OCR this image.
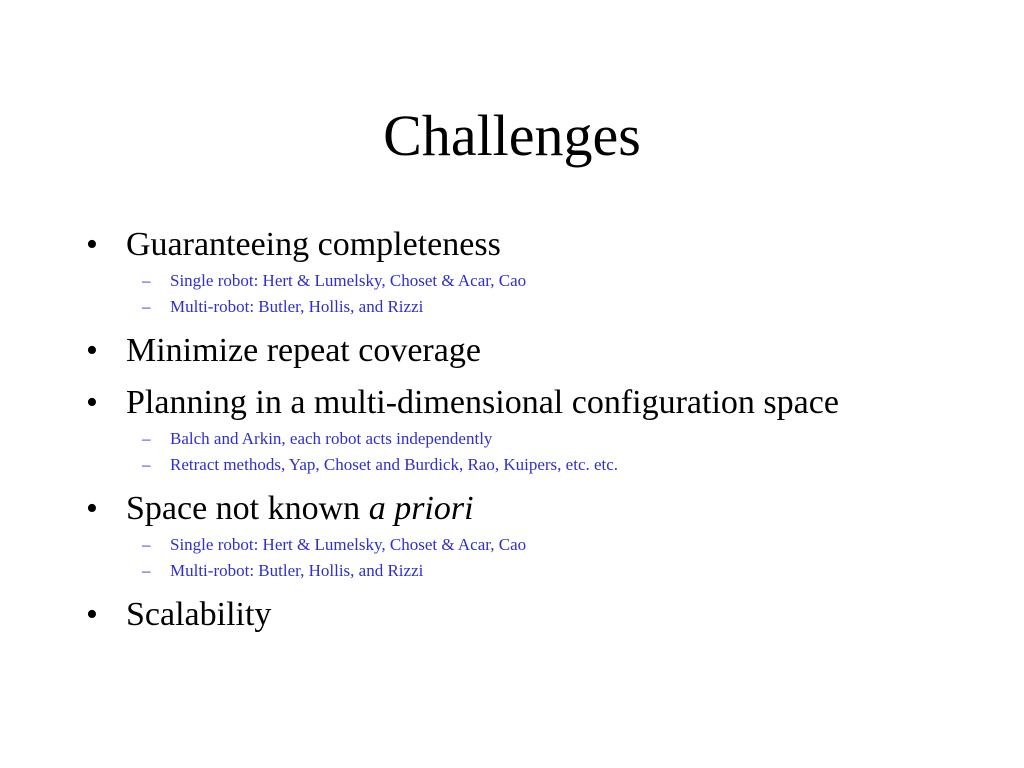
Challenges
• Guaranteeing completeness
– Single robot: Hert & Lumelsky, Choset & Acar, Cao
– Multi-robot: Butler, Hollis, and Rizzi
• Minimize repeat coverage
• Planning in a multi-dimensional configuration space
– Balch and Arkin, each robot acts independently
– Retract methods, Yap, Choset and Burdick, Rao, Kuipers, etc. etc.
• Space not known a priori
– Single robot: Hert & Lumelsky, Choset & Acar, Cao
– Multi-robot: Butler, Hollis, and Rizzi
• Scalability
